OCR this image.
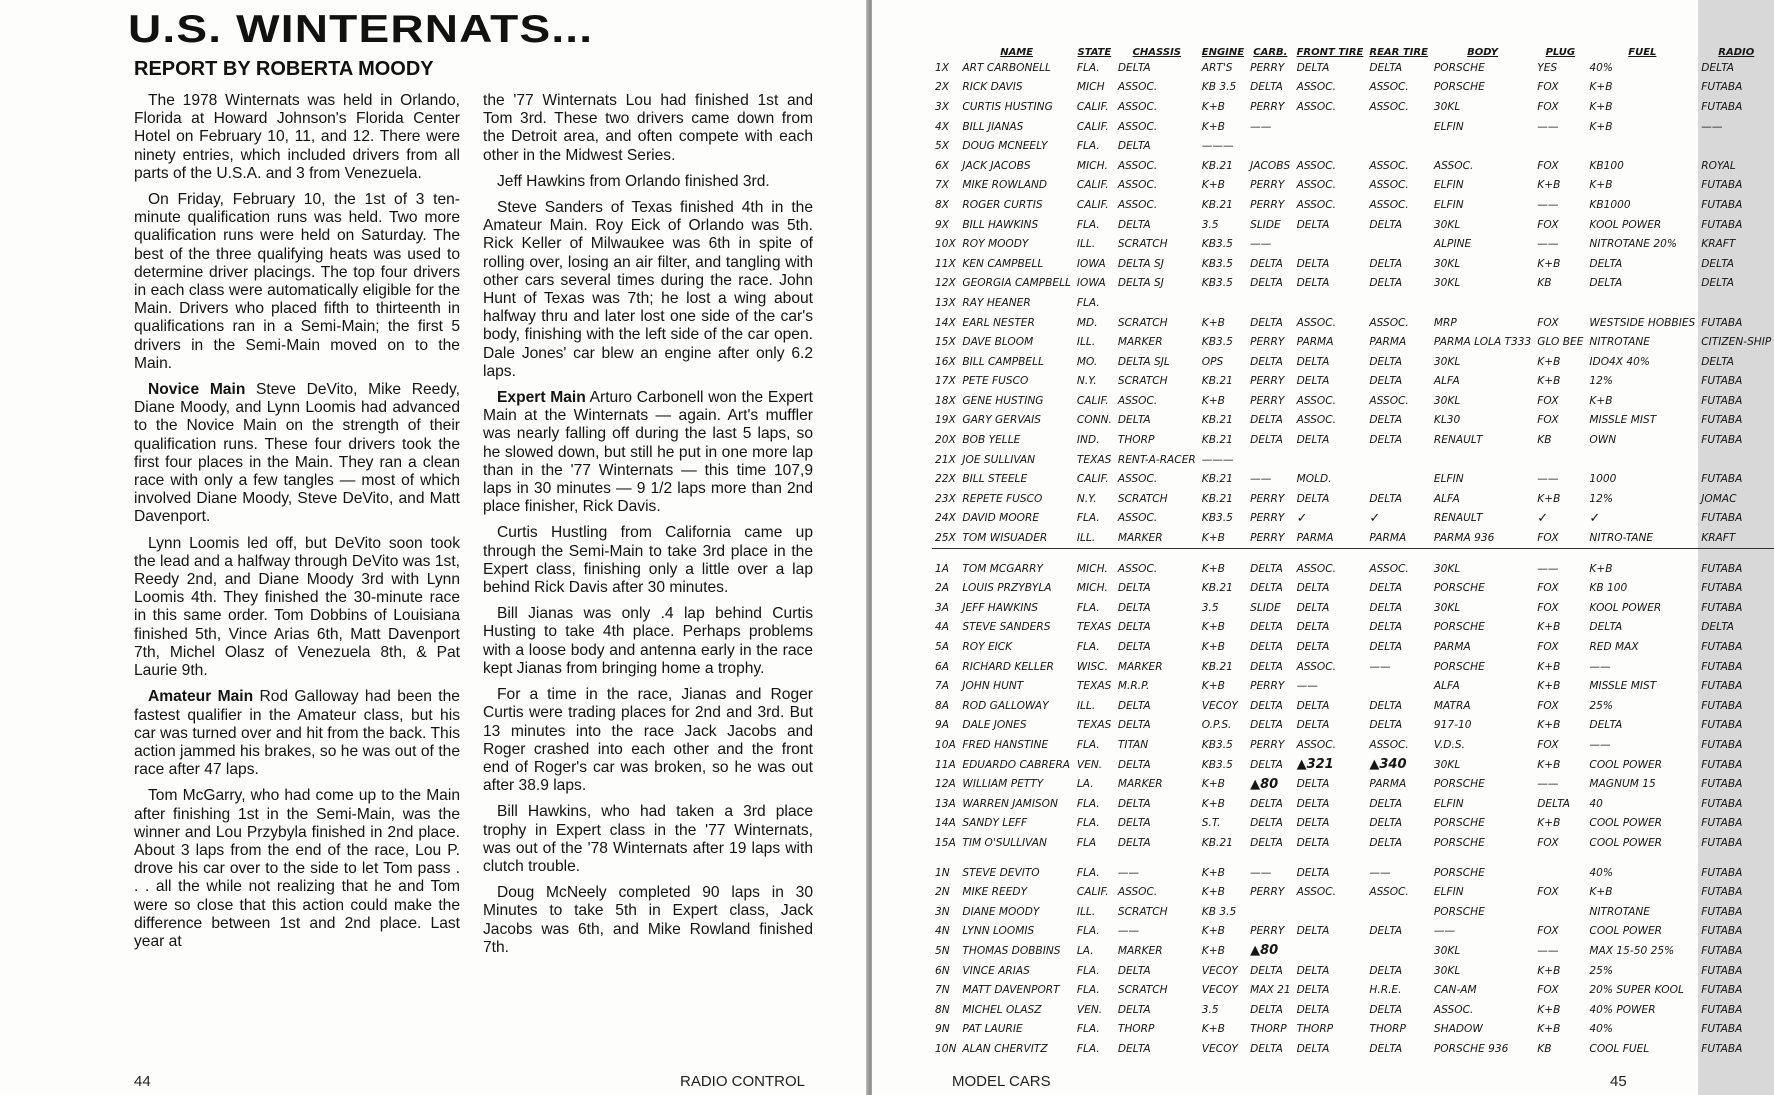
U.S. WINTERNATS...
REPORT BY ROBERTA MOODY

The 1978 Winternats was held in Orlando, Florida at Howard Johnson's Florida Center Hotel on February 10, 11, and 12. There were ninety entries, which included drivers from all parts of the U.S.A. and 3 from Venezuela.

On Friday, February 10, the 1st of 3 ten-minute qualification runs was held. Two more qualification runs were held on Saturday. The best of the three qualifying heats was used to determine driver placings. The top four drivers in each class were automatically eligible for the Main. Drivers who placed fifth to thirteenth in qualifications ran in a Semi-Main; the first 5 drivers in the Semi-Main moved on to the Main.

Novice Main Steve DeVito, Mike Reedy, Diane Moody, and Lynn Loomis had advanced to the Novice Main on the strength of their qualification runs. These four drivers took the first four places in the Main. They ran a clean race with only a few tangles — most of which involved Diane Moody, Steve DeVito, and Matt Davenport.

Lynn Loomis led off, but DeVito soon took the lead and a halfway through DeVito was 1st, Reedy 2nd, and Diane Moody 3rd with Lynn Loomis 4th. They finished the 30-minute race in this same order. Tom Dobbins of Louisiana finished 5th, Vince Arias 6th, Matt Davenport 7th, Michel Olasz of Venezuela 8th, & Pat Laurie 9th.

Amateur Main Rod Galloway had been the fastest qualifier in the Amateur class, but his car was turned over and hit from the back. This action jammed his brakes, so he was out of the race after 47 laps.

Tom McGarry, who had come up to the Main after finishing 1st in the Semi-Main, was the winner and Lou Przybyla finished in 2nd place. About 3 laps from the end of the race, Lou P. drove his car over to the side to let Tom pass . . . all the while not realizing that he and Tom were so close that this action could make the difference between 1st and 2nd place. Last year at

the '77 Winternats Lou had finished 1st and Tom 3rd. These two drivers came down from the Detroit area, and often compete with each other in the Midwest Series.

Jeff Hawkins from Orlando finished 3rd.

Steve Sanders of Texas finished 4th in the Amateur Main. Roy Eick of Orlando was 5th. Rick Keller of Milwaukee was 6th in spite of rolling over, losing an air filter, and tangling with other cars several times during the race. John Hunt of Texas was 7th; he lost a wing about halfway thru and later lost one side of the car's body, finishing with the left side of the car open. Dale Jones' car blew an engine after only 6.2 laps.

Expert Main Arturo Carbonell won the Expert Main at the Winternats — again. Art's muffler was nearly falling off during the last 5 laps, so he slowed down, but still he put in one more lap than in the '77 Winternats — this time 107,9 laps in 30 minutes — 9 1/2 laps more than 2nd place finisher, Rick Davis.

Curtis Hustling from California came up through the Semi-Main to take 3rd place in the Expert class, finishing only a little over a lap behind Rick Davis after 30 minutes.

Bill Jianas was only .4 lap behind Curtis Husting to take 4th place. Perhaps problems with a loose body and antenna early in the race kept Jianas from bringing home a trophy.

For a time in the race, Jianas and Roger Curtis were trading places for 2nd and 3rd. But 13 minutes into the race Jack Jacobs and Roger crashed into each other and the front end of Roger's car was broken, so he was out after 38.9 laps.

Bill Hawkins, who had taken a 3rd place trophy in Expert class in the '77 Winternats, was out of the '78 Winternats after 19 laps with clutch trouble.

Doug McNeely completed 90 laps in 30 Minutes to take 5th in Expert class, Jack Jacobs was 6th, and Mike Rowland finished 7th.

44	RADIO CONTROL
	NAME	STATE	CHASSIS	ENGINE	CARB.	FRONT TIRE	REAR TIRE	BODY	PLUG	FUEL	RADIO
1X	ART CARBONELL	FLA.	DELTA	ART'S	PERRY	DELTA	DELTA	PORSCHE	YES	40%	DELTA
2X	RICK DAVIS	MICH	ASSOC.	KB 3.5	DELTA	ASSOC.	ASSOC.	PORSCHE	FOX	K+B	FUTABA
3X	CURTIS HUSTING	CALIF.	ASSOC.	K+B	PERRY	ASSOC.	ASSOC.	30KL	FOX	K+B	FUTABA
4X	BILL JIANAS	CALIF.	ASSOC.	K+B	——			ELFIN	——	K+B	——
5X	DOUG MCNEELY	FLA.	DELTA	———							
6X	JACK JACOBS	MICH.	ASSOC.	KB.21	JACOBS	ASSOC.	ASSOC.	ASSOC.	FOX	KB100	ROYAL
7X	MIKE ROWLAND	CALIF.	ASSOC.	K+B	PERRY	ASSOC.	ASSOC.	ELFIN	K+B	K+B	FUTABA
8X	ROGER CURTIS	CALIF.	ASSOC.	KB.21	PERRY	ASSOC.	ASSOC.	ELFIN	——	KB1000	FUTABA
9X	BILL HAWKINS	FLA.	DELTA	3.5	SLIDE	DELTA	DELTA	30KL	FOX	KOOL POWER	FUTABA
10X	ROY MOODY	ILL.	SCRATCH	KB3.5	——			ALPINE	——	NITROTANE 20%	KRAFT
11X	KEN CAMPBELL	IOWA	DELTA SJ	KB3.5	DELTA	DELTA	DELTA	30KL	K+B	DELTA	DELTA
12X	GEORGIA CAMPBELL	IOWA	DELTA SJ	KB3.5	DELTA	DELTA	DELTA	30KL	KB	DELTA	DELTA
13X	RAY HEANER	FLA.									
14X	EARL NESTER	MD.	SCRATCH	K+B	DELTA	ASSOC.	ASSOC.	MRP	FOX	WESTSIDE HOBBIES	FUTABA
15X	DAVE BLOOM	ILL.	MARKER	KB3.5	PERRY	PARMA	PARMA	PARMA LOLA T333	GLO BEE	NITROTANE	CITIZEN-SHIP
16X	BILL CAMPBELL	MO.	DELTA SJL	OPS	DELTA	DELTA	DELTA	30KL	K+B	IDO4X 40%	DELTA
17X	PETE FUSCO	N.Y.	SCRATCH	KB.21	PERRY	DELTA	DELTA	ALFA	K+B	12%	FUTABA
18X	GENE HUSTING	CALIF.	ASSOC.	K+B	PERRY	ASSOC.	ASSOC.	30KL	FOX	K+B	FUTABA
19X	GARY GERVAIS	CONN.	DELTA	KB.21	DELTA	ASSOC.	DELTA	KL30	FOX	MISSLE MIST	FUTABA
20X	BOB YELLE	IND.	THORP	KB.21	DELTA	DELTA	DELTA	RENAULT	KB	OWN	FUTABA
21X	JOE SULLIVAN	TEXAS	RENT-A-RACER	———							
22X	BILL STEELE	CALIF.	ASSOC.	KB.21	——	MOLD.		ELFIN	——	1000	FUTABA
23X	REPETE FUSCO	N.Y.	SCRATCH	KB.21	PERRY	DELTA	DELTA	ALFA	K+B	12%	JOMAC
24X	DAVID MOORE	FLA.	ASSOC.	KB3.5	PERRY	✓	✓	RENAULT	✓	✓	FUTABA
25X	TOM WISUADER	ILL.	MARKER	K+B	PERRY	PARMA	PARMA	PARMA 936	FOX	NITRO-TANE	KRAFT

1A	TOM MCGARRY	MICH.	ASSOC.	K+B	DELTA	ASSOC.	ASSOC.	30KL	——	K+B	FUTABA
2A	LOUIS PRZYBYLA	MICH.	DELTA	KB.21	DELTA	DELTA	DELTA	PORSCHE	FOX	KB 100	FUTABA
3A	JEFF HAWKINS	FLA.	DELTA	3.5	SLIDE	DELTA	DELTA	30KL	FOX	KOOL POWER	FUTABA
4A	STEVE SANDERS	TEXAS	DELTA	K+B	DELTA	DELTA	DELTA	PORSCHE	K+B	DELTA	DELTA
5A	ROY EICK	FLA.	DELTA	K+B	DELTA	DELTA	DELTA	PARMA	FOX	RED MAX	FUTABA
6A	RICHARD KELLER	WISC.	MARKER	KB.21	DELTA	ASSOC.	——	PORSCHE	K+B	——	FUTABA
7A	JOHN HUNT	TEXAS	M.R.P.	K+B	PERRY	——		ALFA	K+B	MISSLE MIST	FUTABA
8A	ROD GALLOWAY	ILL.	DELTA	VECOY	DELTA	DELTA	DELTA	MATRA	FOX	25%	FUTABA
9A	DALE JONES	TEXAS	DELTA	O.P.S.	DELTA	DELTA	DELTA	917-10	K+B	DELTA	FUTABA
10A	FRED HANSTINE	FLA.	TITAN	KB3.5	PERRY	ASSOC.	ASSOC.	V.D.S.	FOX	——	FUTABA
11A	EDUARDO CABRERA	VEN.	DELTA	KB3.5	DELTA	▲321	▲340	30KL	K+B	COOL POWER	FUTABA
12A	WILLIAM PETTY	LA.	MARKER	K+B	▲80	DELTA	PARMA	PORSCHE	——	MAGNUM 15	FUTABA
13A	WARREN JAMISON	FLA.	DELTA	K+B	DELTA	DELTA	DELTA	ELFIN	DELTA	40	FUTABA
14A	SANDY LEFF	FLA.	DELTA	S.T.	DELTA	DELTA	DELTA	PORSCHE	K+B	COOL POWER	FUTABA
15A	TIM O'SULLIVAN	FLA	DELTA	KB.21	DELTA	DELTA	DELTA	PORSCHE	FOX	COOL POWER	FUTABA

1N	STEVE DEVITO	FLA.	——	K+B	——	DELTA	——	PORSCHE		40%	FUTABA
2N	MIKE REEDY	CALIF.	ASSOC.	K+B	PERRY	ASSOC.	ASSOC.	ELFIN	FOX	K+B	FUTABA
3N	DIANE MOODY	ILL.	SCRATCH	KB 3.5				PORSCHE		NITROTANE	FUTABA
4N	LYNN LOOMIS	FLA.	——	K+B	PERRY	DELTA	DELTA	——	FOX	COOL POWER	FUTABA
5N	THOMAS DOBBINS	LA.	MARKER	K+B	▲80			30KL	——	MAX 15-50 25%	FUTABA
6N	VINCE ARIAS	FLA.	DELTA	VECOY	DELTA	DELTA	DELTA	30KL	K+B	25%	FUTABA
7N	MATT DAVENPORT	FLA.	SCRATCH	VECOY	MAX 21	DELTA	H.R.E.	CAN-AM	FOX	20% SUPER KOOL	FUTABA
8N	MICHEL OLASZ	VEN.	DELTA	3.5	DELTA	DELTA	DELTA	ASSOC.	K+B	40% POWER	FUTABA
9N	PAT LAURIE	FLA.	THORP	K+B	THORP	THORP	THORP	SHADOW	K+B	40%	FUTABA
10N	ALAN CHERVITZ	FLA.	DELTA	VECOY	DELTA	DELTA	DELTA	PORSCHE 936	KB	COOL FUEL	FUTABA
MODEL CARS	45
